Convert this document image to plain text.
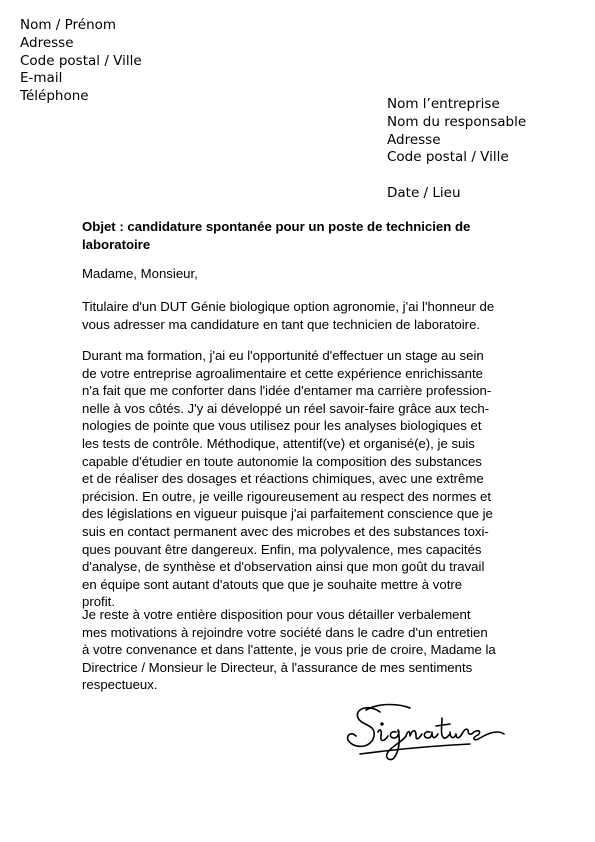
Nom / Prénom
Adresse
Code postal / Ville
E-mail
Téléphone	Nom l’entreprise
Nom du responsable
Adresse
Code postal / Ville
Date / Lieu
Objet : candidature spontanée pour un poste de technicien de
laboratoire
Madame, Monsieur,
Titulaire d'un DUT Génie biologique option agronomie, j'ai l'honneur de
vous adresser ma candidature en tant que technicien de laboratoire.
Durant ma formation, j'ai eu l'opportunité d'effectuer un stage au sein
de votre entreprise agroalimentaire et cette expérience enrichissante
n'a fait que me conforter dans l'idée d'entamer ma carrière profession-
nelle à vos côtés. J'y ai développé un réel savoir-faire grâce aux tech-
nologies de pointe que vous utilisez pour les analyses biologiques et
les tests de contrôle. Méthodique, attentif(ve) et organisé(e), je suis
capable d'étudier en toute autonomie la composition des substances
et de réaliser des dosages et réactions chimiques, avec une extrême
précision. En outre, je veille rigoureusement au respect des normes et
des législations en vigueur puisque j'ai parfaitement conscience que je
suis en contact permanent avec des microbes et des substances toxi-
ques pouvant être dangereux. Enfin, ma polyvalence, mes capacités
d'analyse, de synthèse et d'observation ainsi que mon goût du travail
en équipe sont autant d'atouts que que je souhaite mettre à votre
profit.
Je reste à votre entière disposition pour vous détailler verbalement
mes motivations à rejoindre votre société dans le cadre d'un entretien
à votre convenance et dans l'attente, je vous prie de croire, Madame la
Directrice / Monsieur le Directeur, à l'assurance de mes sentiments
respectueux.
